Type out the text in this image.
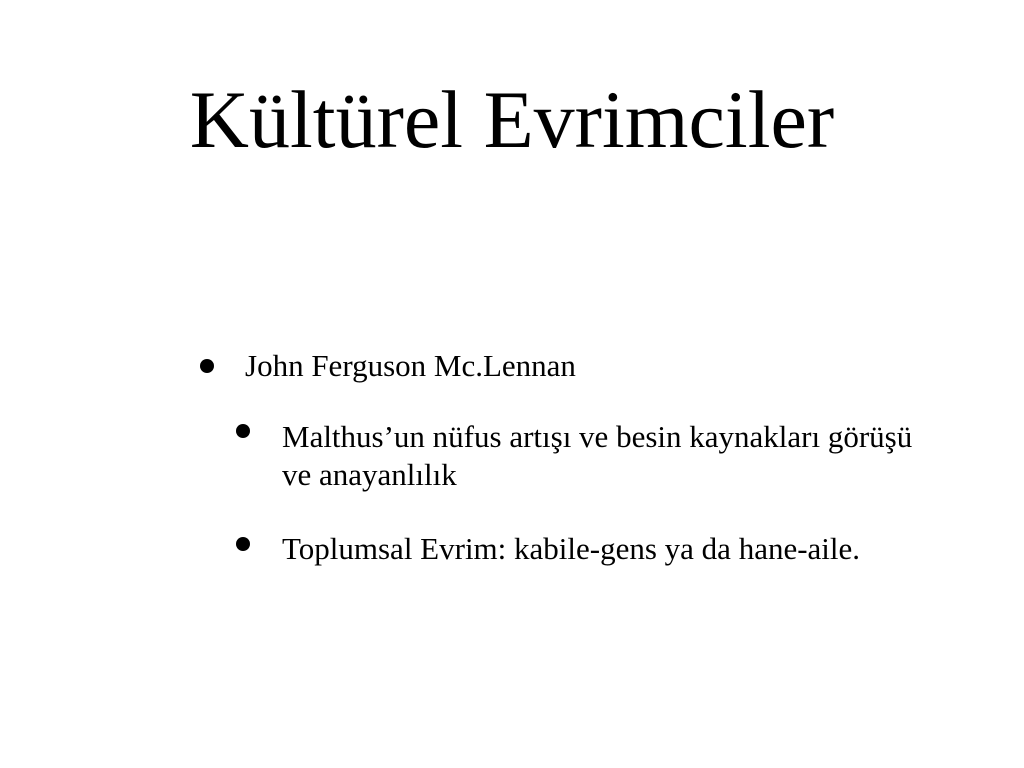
Kültürel Evrimciler
John Ferguson Mc.Lennan
Malthus’un nüfus artışı ve besin kaynakları görüşü ve anayanlılık
Toplumsal Evrim: kabile-gens ya da hane-aile.
